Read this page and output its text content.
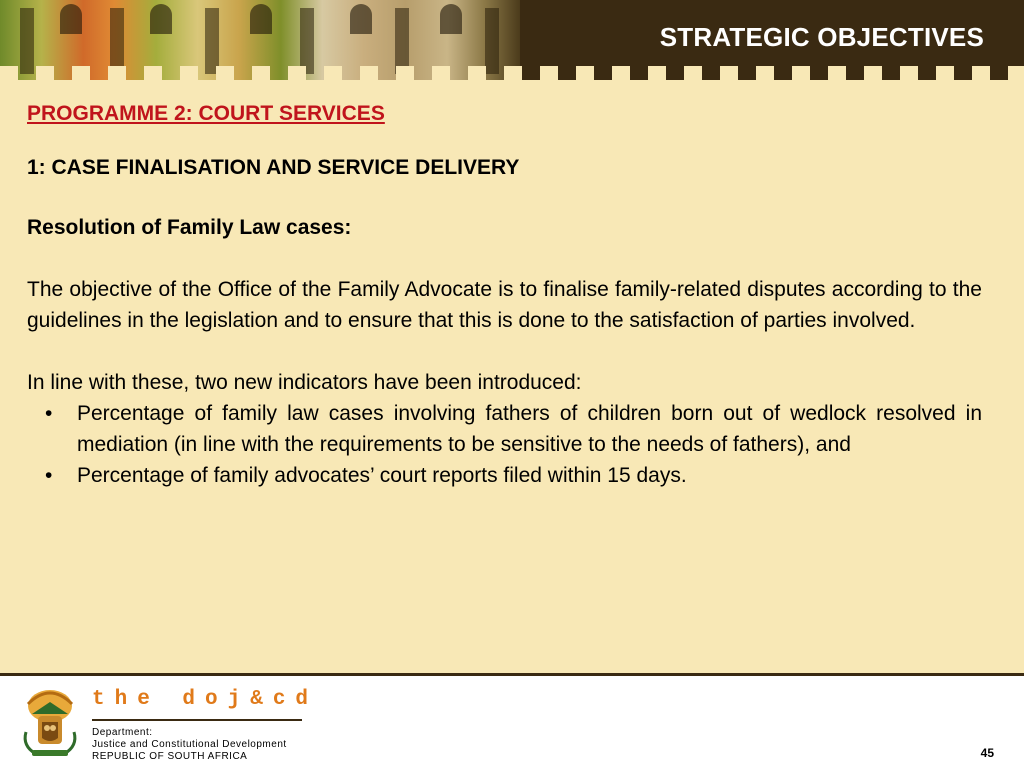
STRATEGIC OBJECTIVES

PROGRAMME 2: COURT SERVICES

1: CASE FINALISATION AND SERVICE DELIVERY

Resolution of Family Law cases:

The objective of the Office of the Family Advocate is to finalise family-related disputes according to the guidelines in the legislation and to ensure that this is done to the satisfaction of parties involved.

In line with these, two new indicators have been introduced:

• Percentage of family law cases involving fathers of children born out of wedlock resolved in mediation (in line with the requirements to be sensitive to the needs of fathers), and
• Percentage of family advocates’ court reports filed within 15 days.
the doj&cd
Department:
Justice and Constitutional Development
REPUBLIC OF SOUTH AFRICA	45
